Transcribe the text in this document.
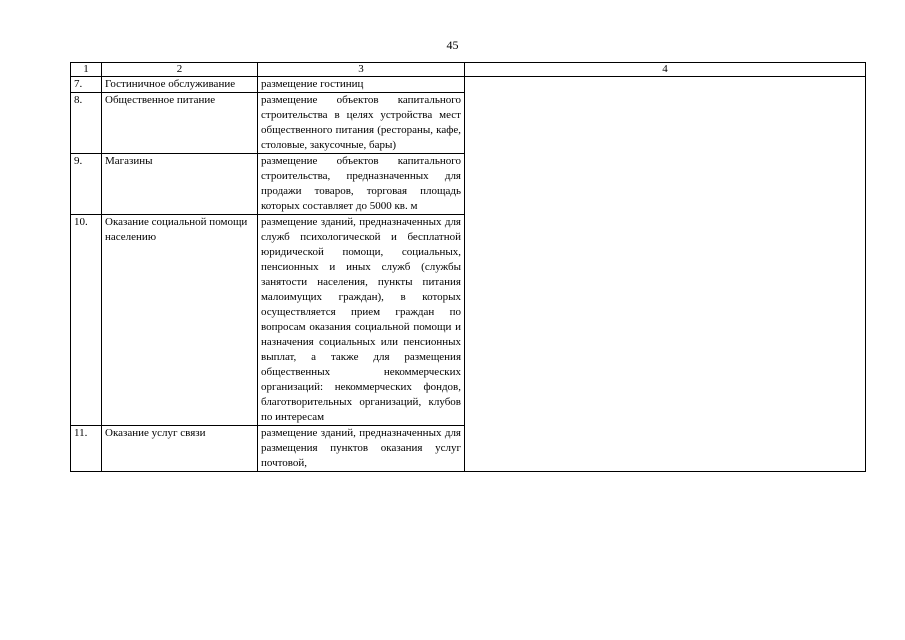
45
1	2	3	4
7.	Гостиничное обслуживание	размещение гостиниц	
8.	Общественное питание	размещение объектов капитального строительства в целях устройства мест общественного питания (рестораны, кафе, столовые, закусочные, бары)	
9.	Магазины	размещение объектов капитального строительства, предназначенных для продажи товаров, торговая площадь которых составляет до 5000 кв. м	
10.	Оказание социальной помощи населению	размещение зданий, предназначенных для служб психологической и бесплатной юридической помощи, социальных, пенсионных и иных служб (службы занятости населения, пункты питания малоимущих граждан), в которых осуществляется прием граждан по вопросам оказания социальной помощи и назначения социальных или пенсионных выплат, а также для размещения общественных некоммерческих организаций: некоммерческих фондов, благотворительных организаций, клубов по интересам	
11.	Оказание услуг связи	размещение зданий, предназначенных для размещения пунктов оказания услуг почтовой,	
